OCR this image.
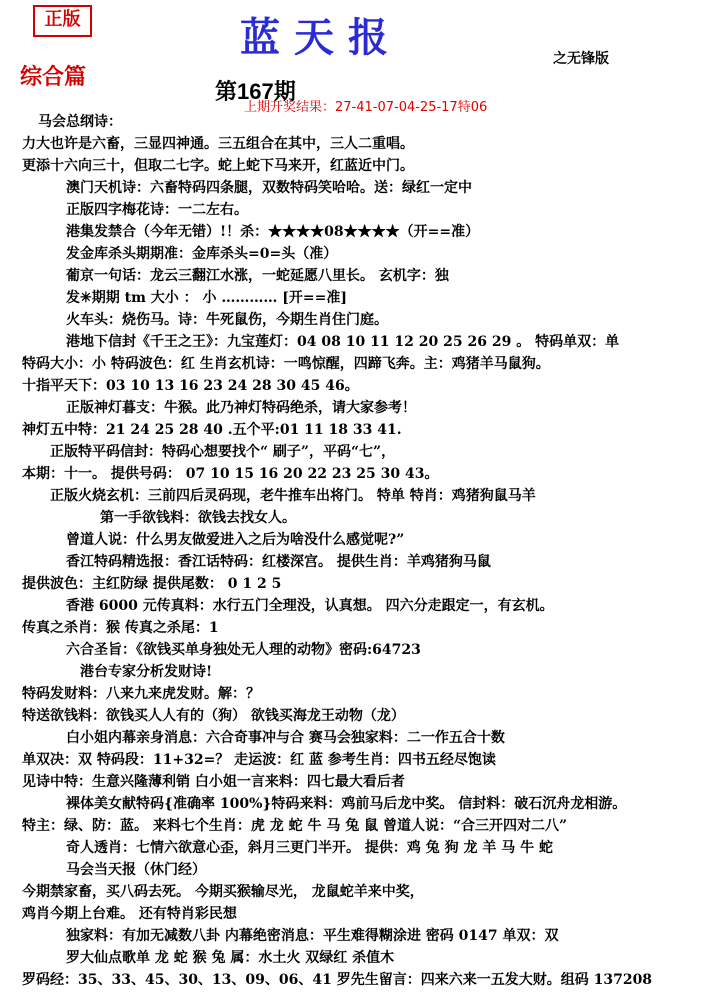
正版	蓝天报	之无锋版
综合篇
第167期
上期开奖结果：27-41-07-04-25-17特06
马会总纲诗：
力大也许是六畜，三显四神通。三五组合在其中，三人二重唱。
更添十六向三十，但取二七字。蛇上蛇下马来开，红蓝近中门。
澳门天机诗：六畜特码四条腿，双数特码笑哈哈。送：绿红一定中
正版四字梅花诗：一二左右。
港集发禁合（今年无错）!！杀：★★★★08★★★★（开==准）
发金库杀头期期准：金库杀头=0=头（准）
葡京一句话：龙云三翻江水涨，一蛇延愿八里长。 玄机字：独
发✳期期 tm 大小 ： 小 ………… [开==准]
火车头：烧伤马。诗：牛死鼠伤，今期生肖住门庭。
港地下信封《千王之王》：九宝莲灯：04 08 10 11 12 20 25 26 29 。 特码单双：单
特码大小：小 特码波色：红 生肖玄机诗：一鸣惊醒，四蹄飞奔。主：鸡猪羊马鼠狗。
十指平天下：03 10 13 16 23 24 28 30 45 46。
正版神灯暮支：牛猴。此乃神灯特码绝杀，请大家参考！
神灯五中特：21 24 25 28 40 .五个平:01 11 18 33 41.
正版特平码信封：特码心想要找个“ 刷子”，平码“七”，
本期：十一。 提供号码： 07 10 15 16 20 22 23 25 30 43。
正版火烧玄机：三前四后灵码现，老牛推车出将门。 特单 特肖：鸡猪狗鼠马羊
第一手欲钱料：欲钱去找女人。
曾道人说：什么男友做爱进入之后为啥没什么感觉呢?”
香江特码精选报：香江话特码：红楼深宫。 提供生肖：羊鸡猪狗马鼠
提供波色：主红防绿 提供尾数： 0 1 2 5
香港 6000 元传真料：水行五门全理没，认真想。 四六分走跟定一，有玄机。
传真之杀肖：猴 传真之杀尾：1
六合圣旨：《欲钱买单身独处无人理的动物》密码:64723
港台专家分析发财诗!
特码发财料：八来九来虎发财。解：？
特送欲钱料：欲钱买人人有的（狗） 欲钱买海龙王动物（龙）
白小姐内幕亲身消息：六合奇事冲与合 赛马会独家料：二一作五合十数
单双决：双 特码段：11+32=？ 走运波：红 蓝 参考生肖：四书五经尽饱读
见诗中特：生意兴隆薄利销 白小姐一言来料：四七最大看后者
裸体美女献特码{准确率 100%}特码来料：鸡前马后龙中奖。 信封料：破石沉舟龙相游。
特主：绿、防：蓝。 来料七个生肖：虎 龙 蛇 牛 马 兔 鼠 曾道人说：“合三开四对二八”
奇人透肖：七情六欲意心歪，斜月三更门半开。 提供：鸡 兔 狗 龙 羊 马 牛 蛇
马会当天报（休门经）
今期禁家畜，买八码去死。 今期买猴输尽光， 龙鼠蛇羊来中奖，
鸡肖今期上台难。 还有特肖彩民想
独家料：有加无减数八卦 内幕绝密消息：平生难得糊涂进 密码 0147 单双：双
罗大仙点歌单 龙 蛇 猴 兔 属：水土火 双绿红 杀值木
罗码经：35、33、45、30、13、09、06、41 罗先生留言：四来六来一五发大财。组码 137208
